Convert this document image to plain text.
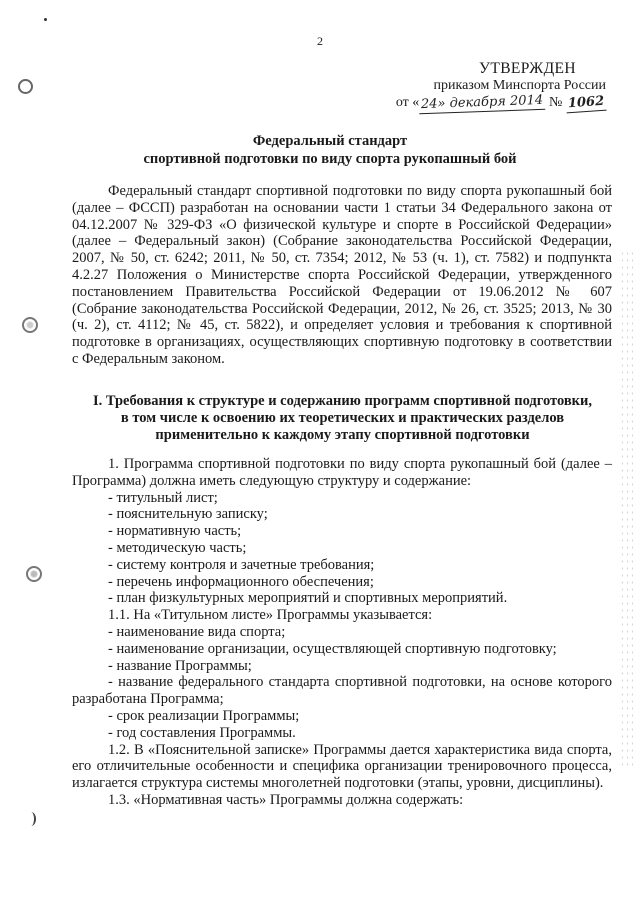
2
УТВЕРЖДЕН
приказом Минспорта России
от « 24» декабря 2014 № 1062
Федеральный стандарт
спортивной подготовки по виду спорта рукопашный бой
Федеральный стандарт спортивной подготовки по виду спорта рукопашный бой (далее – ФССП) разработан на основании части 1 статьи 34 Федерального закона от 04.12.2007 № 329-ФЗ «О физической культуре и спорте в Российской Федерации» (далее – Федеральный закон) (Собрание законодательства Российской Федерации, 2007, № 50, ст. 6242; 2011, № 50, ст. 7354; 2012, № 53 (ч. 1), ст. 7582) и подпункта 4.2.27 Положения о Министерстве спорта Российской Федерации, утвержденного постановлением Правительства Российской Федерации от 19.06.2012 № 607 (Собрание законодательства Российской Федерации, 2012, № 26, ст. 3525; 2013, № 30 (ч. 2), ст. 4112; № 45, ст. 5822), и определяет условия и требования к спортивной подготовке в организациях, осуществляющих спортивную подготовку в соответствии с Федеральным законом.
I. Требования к структуре и содержанию программ спортивной подготовки,
в том числе к освоению их теоретических и практических разделов
применительно к каждому этапу спортивной подготовки

1. Программа спортивной подготовки по виду спорта рукопашный бой (далее – Программа) должна иметь следующую структуру и содержание:

- титульный лист;
- пояснительную записку;
- нормативную часть;
- методическую часть;
- систему контроля и зачетные требования;
- перечень информационного обеспечения;
- план физкультурных мероприятий и спортивных мероприятий.

1.1. На «Титульном листе» Программы указывается:

- наименование вида спорта;
- наименование организации, осуществляющей спортивную подготовку;
- название Программы;

- название федерального стандарта спортивной подготовки, на основе которого разработана Программа;

- срок реализации Программы;
- год составления Программы.

1.2. В «Пояснительной записке» Программы дается характеристика вида спорта, его отличительные особенности и специфика организации тренировочного процесса, излагается структура системы многолетней подготовки (этапы, уровни, дисциплины).

1.3. «Нормативная часть» Программы должна содержать:
